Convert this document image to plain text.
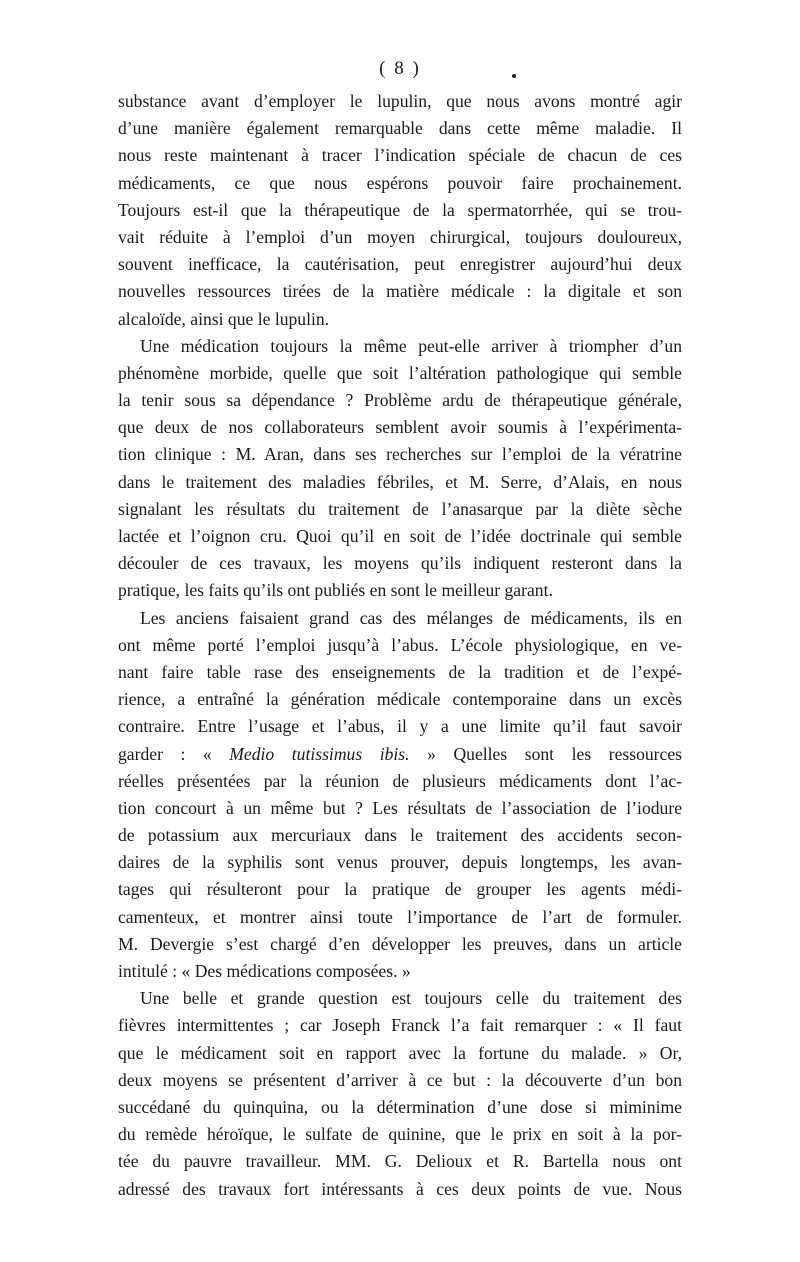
( 8 )
substance avant d’employer le lupulin, que nous avons montré agir
d’une manière également remarquable dans cette même maladie. Il
nous reste maintenant à tracer l’indication spéciale de chacun de ces
médicaments, ce que nous espérons pouvoir faire prochainement.
Toujours est-il que la thérapeutique de la spermatorrhée, qui se trou-
vait réduite à l’emploi d’un moyen chirurgical, toujours douloureux,
souvent inefficace, la cautérisation, peut enregistrer aujourd’hui deux
nouvelles ressources tirées de la matière médicale : la digitale et son
alcaloïde, ainsi que le lupulin.
Une médication toujours la même peut-elle arriver à triompher d’un
phénomène morbide, quelle que soit l’altération pathologique qui semble
la tenir sous sa dépendance ? Problème ardu de thérapeutique générale,
que deux de nos collaborateurs semblent avoir soumis à l’expérimenta-
tion clinique : M. Aran, dans ses recherches sur l’emploi de la vératrine
dans le traitement des maladies fébriles, et M. Serre, d’Alais, en nous
signalant les résultats du traitement de l’anasarque par la diète sèche
lactée et l’oignon cru. Quoi qu’il en soit de l’idée doctrinale qui semble
découler de ces travaux, les moyens qu’ils indiquent resteront dans la
pratique, les faits qu’ils ont publiés en sont le meilleur garant.
Les anciens faisaient grand cas des mélanges de médicaments, ils en
ont même porté l’emploi jusqu’à l’abus. L’école physiologique, en ve-
nant faire table rase des enseignements de la tradition et de l’expé-
rience, a entraîné la génération médicale contemporaine dans un excès
contraire. Entre l’usage et l’abus, il y a une limite qu’il faut savoir
garder : « Medio tutissimus ibis. » Quelles sont les ressources
réelles présentées par la réunion de plusieurs médicaments dont l’ac-
tion concourt à un même but ? Les résultats de l’association de l’iodure
de potassium aux mercuriaux dans le traitement des accidents secon-
daires de la syphilis sont venus prouver, depuis longtemps, les avan-
tages qui résulteront pour la pratique de grouper les agents médi-
camenteux, et montrer ainsi toute l’importance de l’art de formuler.
M. Devergie s’est chargé d’en développer les preuves, dans un article
intitulé : « Des médications composées. »
Une belle et grande question est toujours celle du traitement des
fièvres intermittentes ; car Joseph Franck l’a fait remarquer : « Il faut
que le médicament soit en rapport avec la fortune du malade. » Or,
deux moyens se présentent d’arriver à ce but : la découverte d’un bon
succédané du quinquina, ou la détermination d’une dose si miminime
du remède héroïque, le sulfate de quinine, que le prix en soit à la por-
tée du pauvre travailleur. MM. G. Delioux et R. Bartella nous ont
adressé des travaux fort intéressants à ces deux points de vue. Nous
